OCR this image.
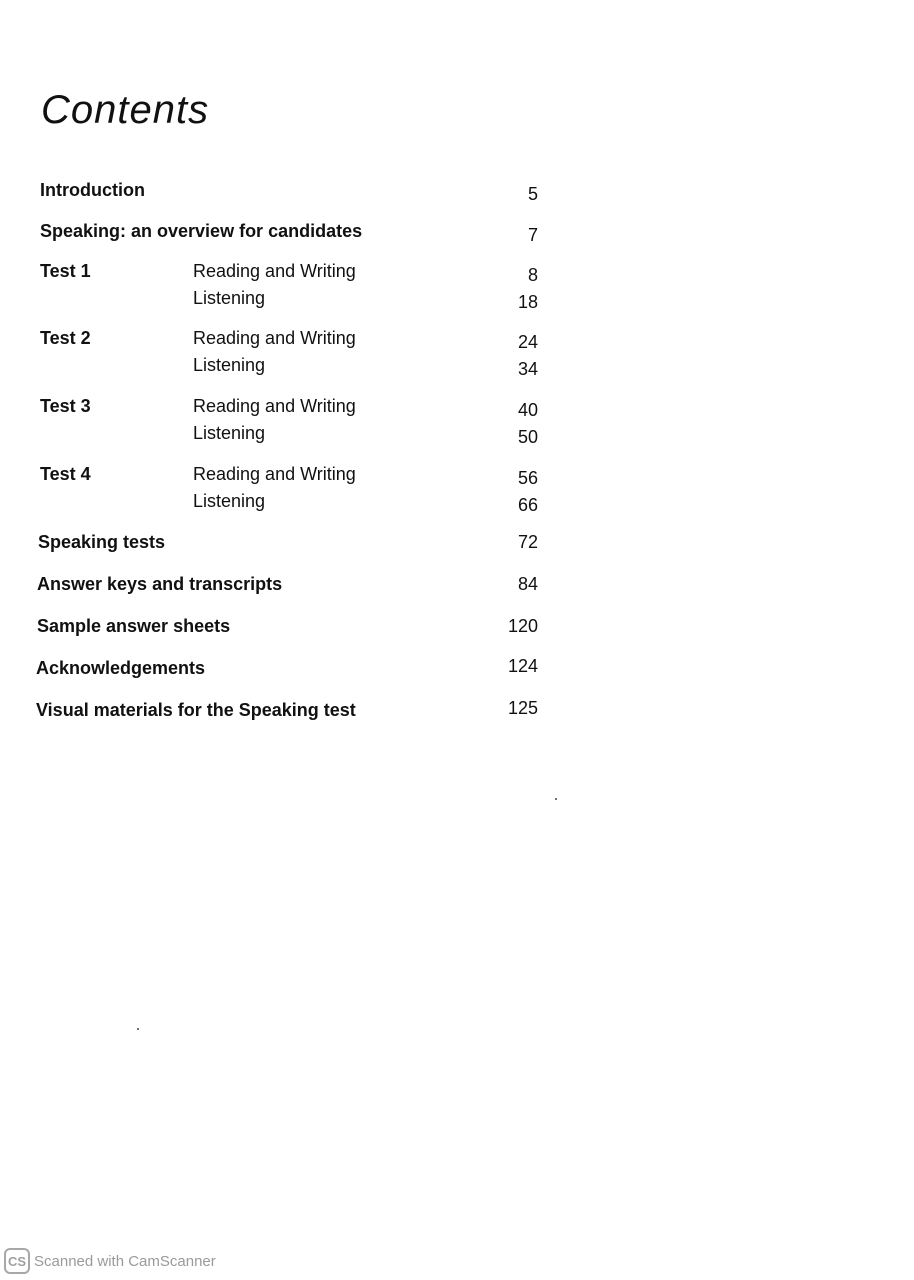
Contents
Introduction	5
Speaking: an overview for candidates	7
Test 1	Reading and Writing	8
Listening	18
Test 2	Reading and Writing	24
Listening	34
Test 3	Reading and Writing	40
Listening	50
Test 4	Reading and Writing	56
Listening	66
Speaking tests	72
Answer keys and transcripts	84
Sample answer sheets	120
Acknowledgements	124
Visual materials for the Speaking test	125
CS Scanned with CamScanner
